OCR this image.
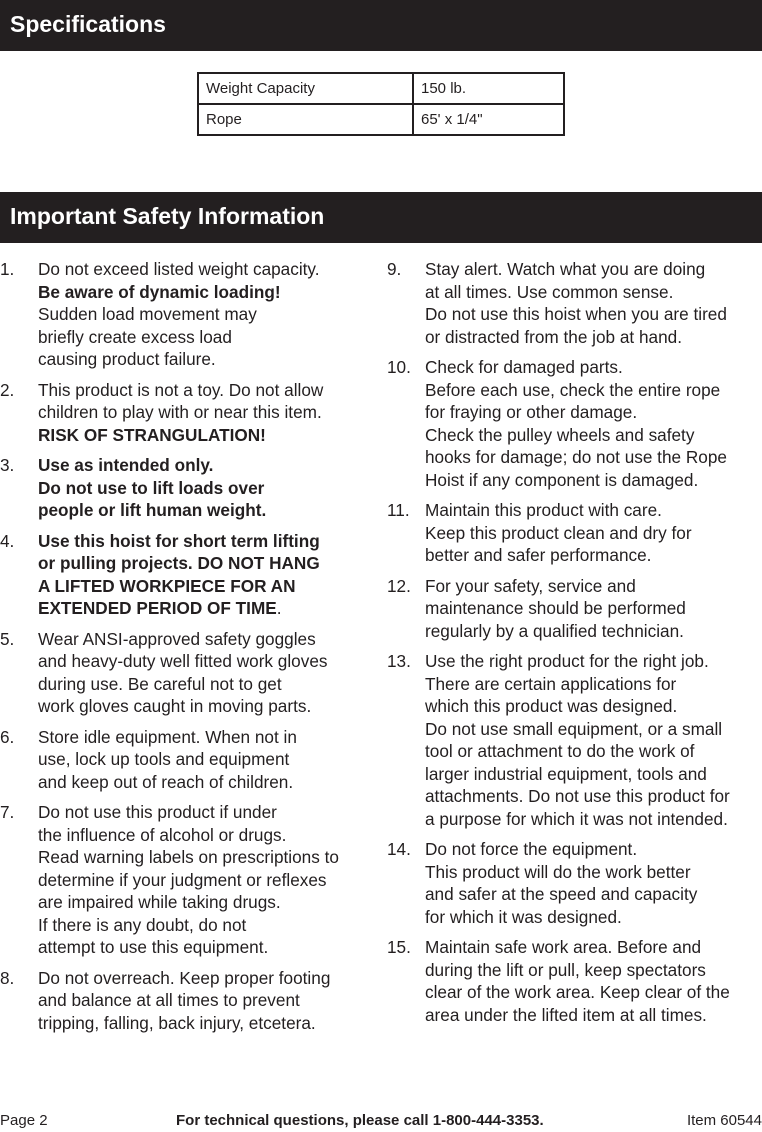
Specifications
Weight Capacity	150 lb.
Rope	65' x 1/4"
Important Safety Information
1. Do not exceed listed weight capacity.
Be aware of dynamic loading!
Sudden load movement may
briefly create excess load
causing product failure.
2. This product is not a toy. Do not allow
children to play with or near this item.
RISK OF STRANGULATION!
3. Use as intended only.
Do not use to lift loads over
people or lift human weight.
4. Use this hoist for short term lifting
or pulling projects. DO NOT HANG
A LIFTED WORKPIECE FOR AN
EXTENDED PERIOD OF TIME.
5. Wear ANSI-approved safety goggles
and heavy-duty well fitted work gloves
during use. Be careful not to get
work gloves caught in moving parts.
6. Store idle equipment. When not in
use, lock up tools and equipment
and keep out of reach of children.
7. Do not use this product if under
the influence of alcohol or drugs.
Read warning labels on prescriptions to
determine if your judgment or reflexes
are impaired while taking drugs.
If there is any doubt, do not
attempt to use this equipment.
8. Do not overreach. Keep proper footing
and balance at all times to prevent
tripping, falling, back injury, etcetera.
9. Stay alert. Watch what you are doing
at all times. Use common sense.
Do not use this hoist when you are tired
or distracted from the job at hand.
10. Check for damaged parts.
Before each use, check the entire rope
for fraying or other damage.
Check the pulley wheels and safety
hooks for damage; do not use the Rope
Hoist if any component is damaged.
11. Maintain this product with care.
Keep this product clean and dry for
better and safer performance.
12. For your safety, service and
maintenance should be performed
regularly by a qualified technician.
13. Use the right product for the right job.
There are certain applications for
which this product was designed.
Do not use small equipment, or a small
tool or attachment to do the work of
larger industrial equipment, tools and
attachments. Do not use this product for
a purpose for which it was not intended.
14. Do not force the equipment.
This product will do the work better
and safer at the speed and capacity
for which it was designed.
15. Maintain safe work area. Before and
during the lift or pull, keep spectators
clear of the work area. Keep clear of the
area under the lifted item at all times.
Page 2	For technical questions, please call 1-800-444-3353.	Item 60544
